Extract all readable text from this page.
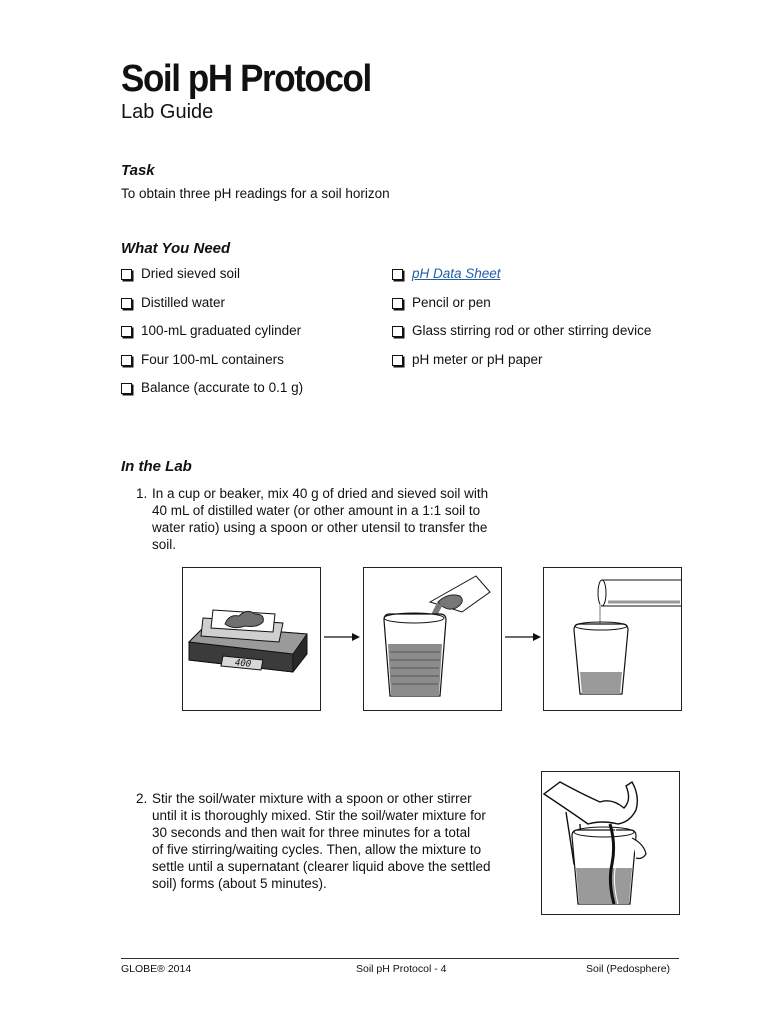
Soil pH Protocol
Lab Guide
Task

To obtain three pH readings for a soil horizon

What You Need
Dried sieved soil
Distilled water
100-mL graduated cylinder
Four 100-mL containers
Balance (accurate to 0.1 g)
pH Data Sheet
Pencil or pen
Glass stirring rod or other stirring device
pH meter or pH paper
In the Lab
1. In a cup or beaker, mix 40 g of dried and sieved soil with
40 mL of distilled water (or other amount in a 1:1 soil to
water ratio) using a spoon or other utensil to transfer the
soil.
400
2. Stir the soil/water mixture with a spoon or other stirrer
until it is thoroughly mixed. Stir the soil/water mixture for
30 seconds and then wait for three minutes for a total
of five stirring/waiting cycles. Then, allow the mixture to
settle until a supernatant (clearer liquid above the settled
soil) forms (about 5 minutes).
GLOBE® 2014	Soil pH Protocol - 4	Soil (Pedosphere)
